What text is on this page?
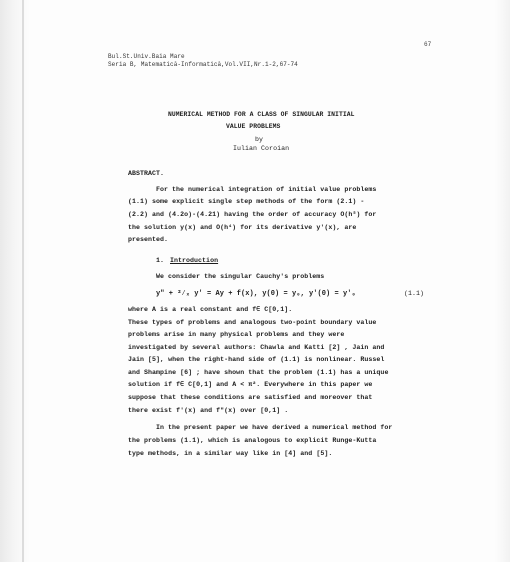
67
Bul.St.Univ.Baia Mare
Seria B, Matematică-Informatică,Vol.VII,Nr.1-2,67-74
NUMERICAL METHOD FOR A CLASS OF SINGULAR INITIAL
VALUE PROBLEMS
by
Iulian Coroian
ABSTRACT.
For the numerical integration of initial value problems
(1.1) some explicit single step methods of the form (2.1) -
(2.2) and (4.2o)-(4.21) having the order of accuracy O(h⁵) for
the solution y(x) and O(h⁴) for its derivative y'(x), are
presented.
1. Introduction
We consider the singular Cauchy's problems
y" + ²⁄ₓ y' = Ay + f(x), y(0) = y₀, y'(0) = y'₀	(1.1)
where A is a real constant and f∈ C[0,1].
These types of problems and analogous two-point boundary value
problems arise in many physical problems and they were
investigated by several authors: Chawla and Katti [2] , Jain and
Jain [5], when the right-hand side of (1.1) is nonlinear. Russel
and Shampine [6] ; have shown that the problem (1.1) has a unique
solution if f∈ C[0,1] and A < π². Everywhere in this paper we
suppose that these conditions are satisfied and moreover that
there exist f'(x) and f"(x) over [0,1] .
In the present paper we have derived a numerical method for
the problems (1.1), which is analogous to explicit Runge-Kutta
type methods, in a similar way like in [4] and [5].
